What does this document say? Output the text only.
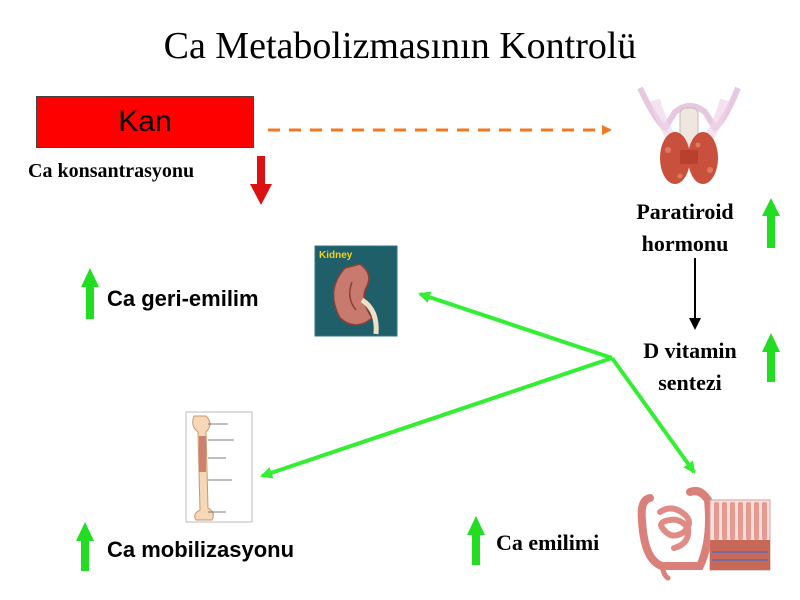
Ca Metabolizmasının Kontrolü
Kan
Ca konsantrasyonu
Paratiroid
hormonu
D vitamin
sentezi
Ca geri-emilim
Ca mobilizasyonu	Ca emilimi
Kidney
